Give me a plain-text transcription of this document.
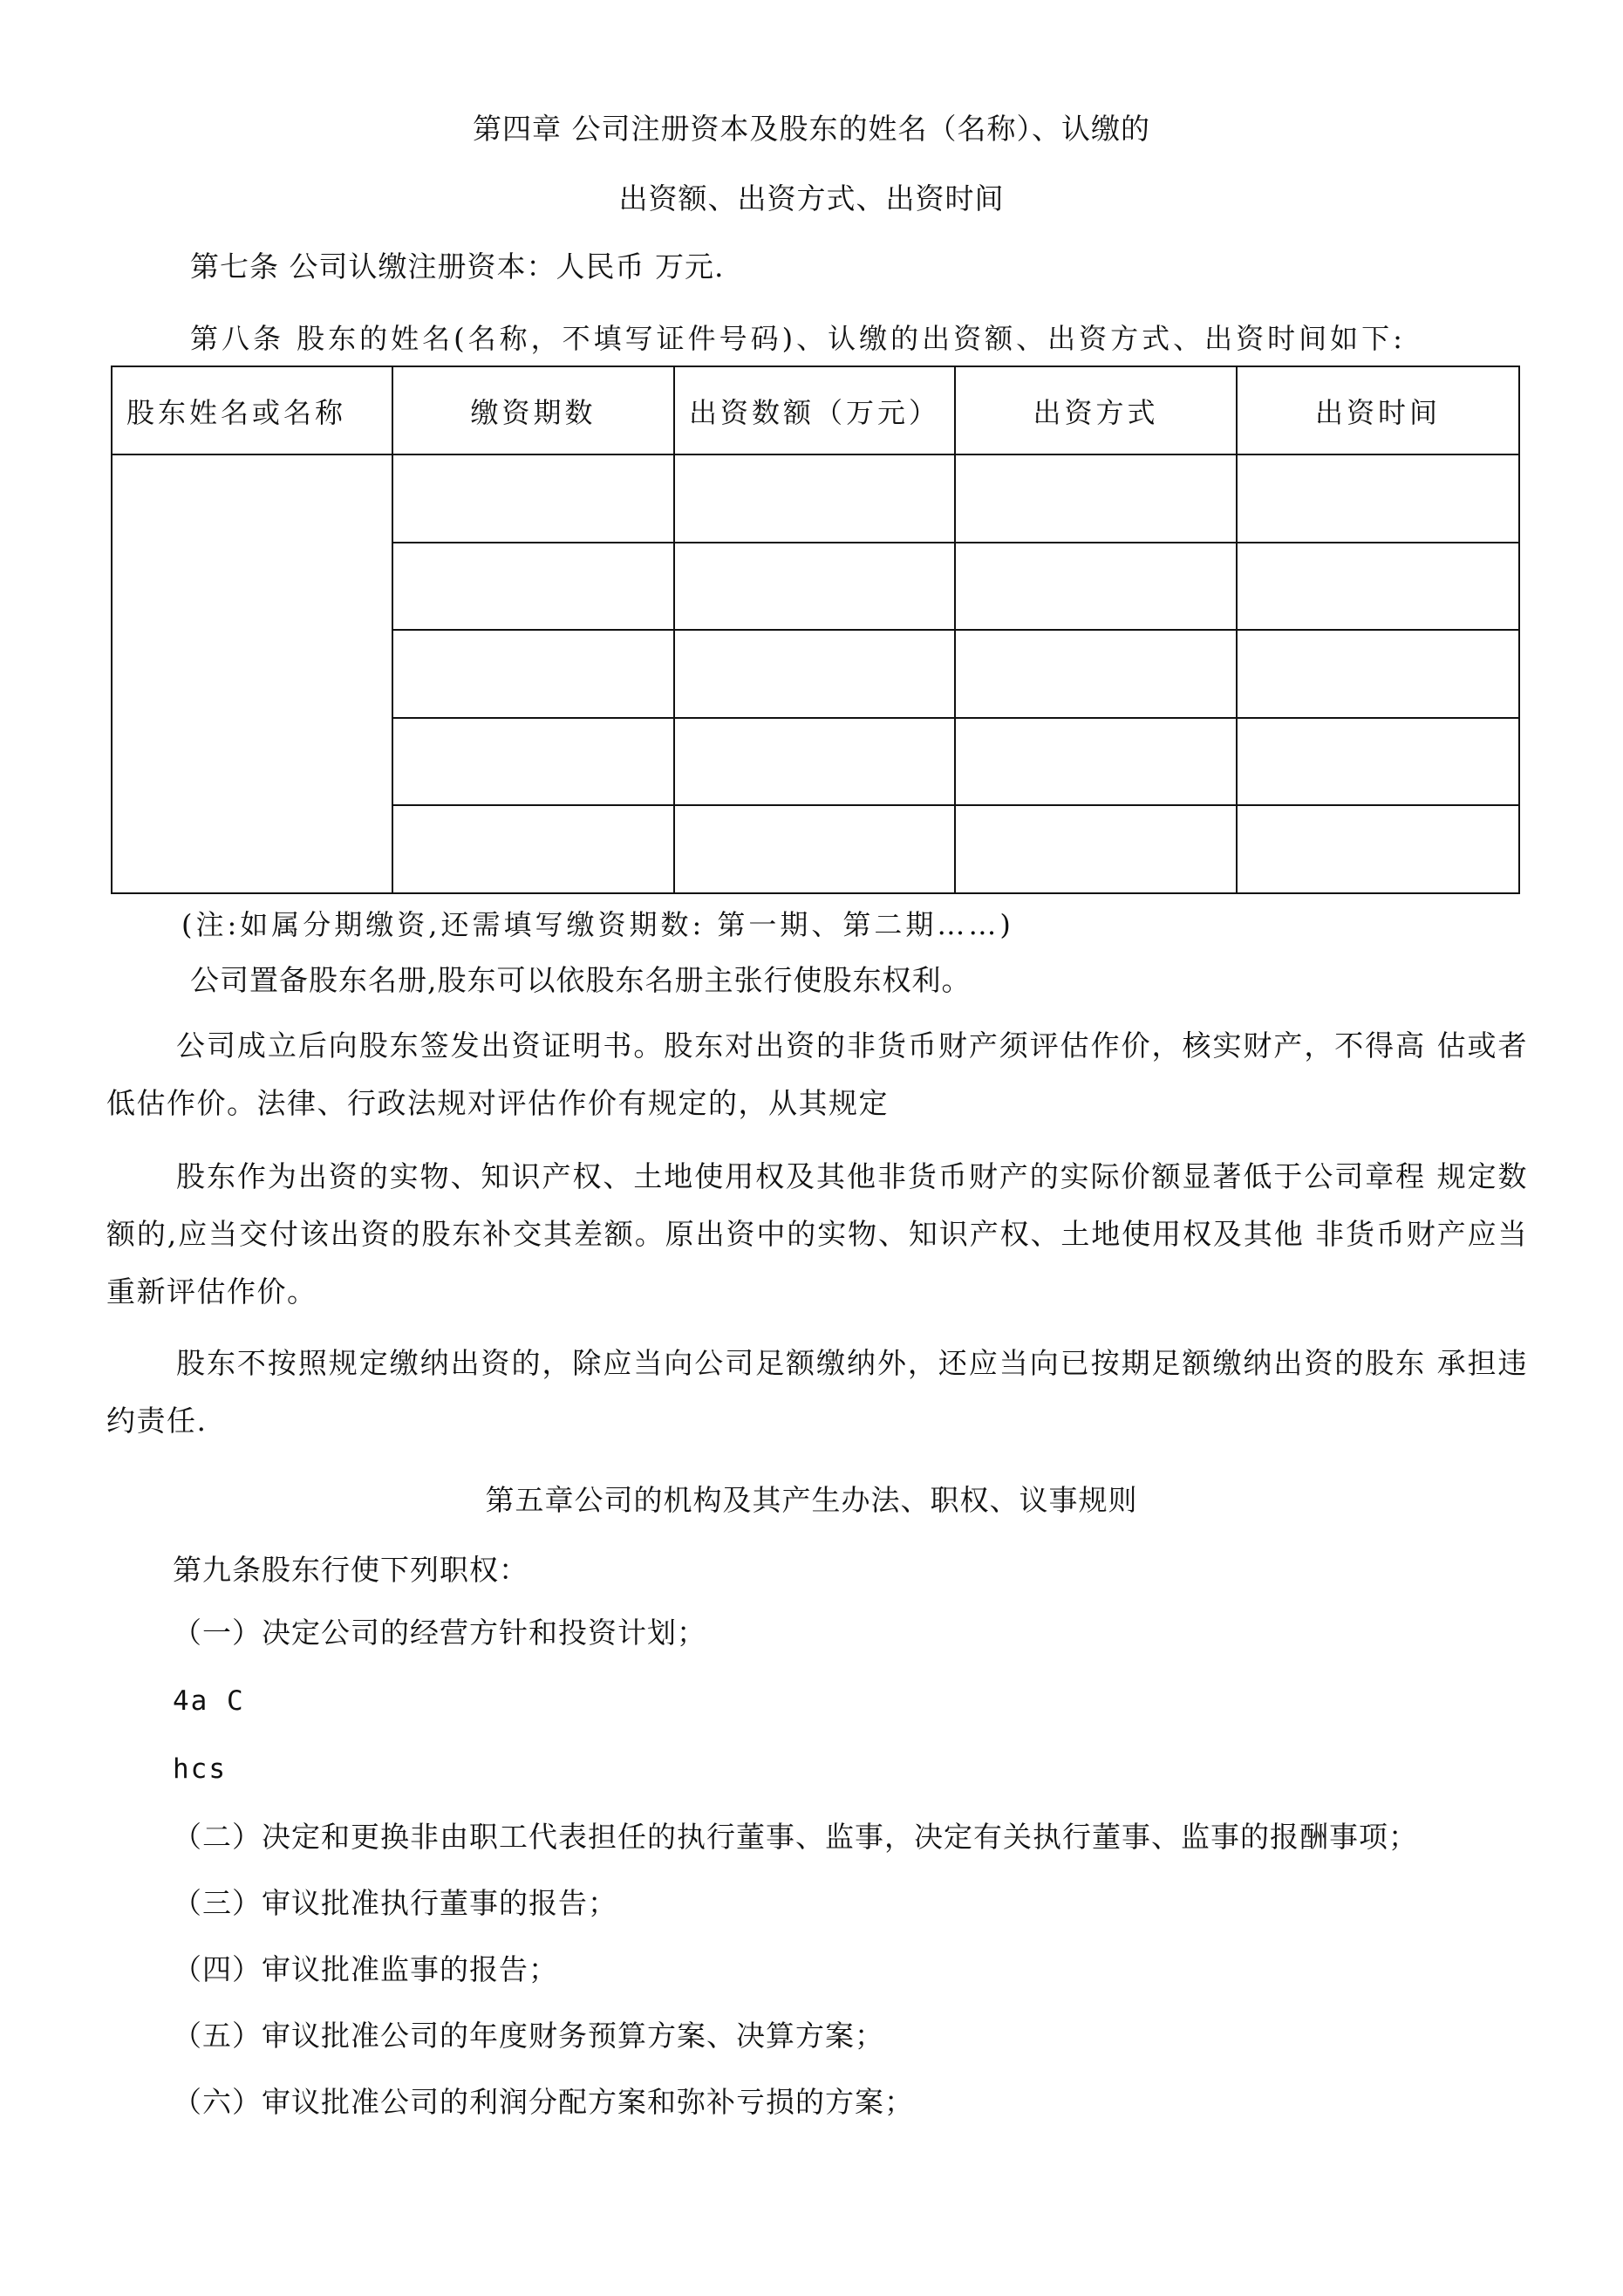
第四章 公司注册资本及股东的姓名（名称）、认缴的
出资额、出资方式、出资时间
第七条 公司认缴注册资本：人民币 万元.
第八条 股东的姓名(名称，不填写证件号码)、认缴的出资额、出资方式、出资时间如下:
股东姓名或名称	缴资期数	出资数额（万元）	出资方式	出资时间

(注:如属分期缴资,还需填写缴资期数: 第一期、第二期……)
公司置备股东名册,股东可以依股东名册主张行使股东权利。
公司成立后向股东签发出资证明书。股东对出资的非货币财产须评估作价，核实财产，不得高 估或者低估作价。法律、行政法规对评估作价有规定的，从其规定
股东作为出资的实物、知识产权、土地使用权及其他非货币财产的实际价额显著低于公司章程 规定数额的,应当交付该出资的股东补交其差额。原出资中的实物、知识产权、土地使用权及其他 非货币财产应当重新评估作价。
股东不按照规定缴纳出资的，除应当向公司足额缴纳外，还应当向已按期足额缴纳出资的股东 承担违约责任.
第五章公司的机构及其产生办法、职权、议事规则
第九条股东行使下列职权：
（一）决定公司的经营方针和投资计划；
4a C
hcs
（二）决定和更换非由职工代表担任的执行董事、监事，决定有关执行董事、监事的报酬事项；
（三）审议批准执行董事的报告；
（四）审议批准监事的报告；
（五）审议批准公司的年度财务预算方案、决算方案；
（六）审议批准公司的利润分配方案和弥补亏损的方案；
